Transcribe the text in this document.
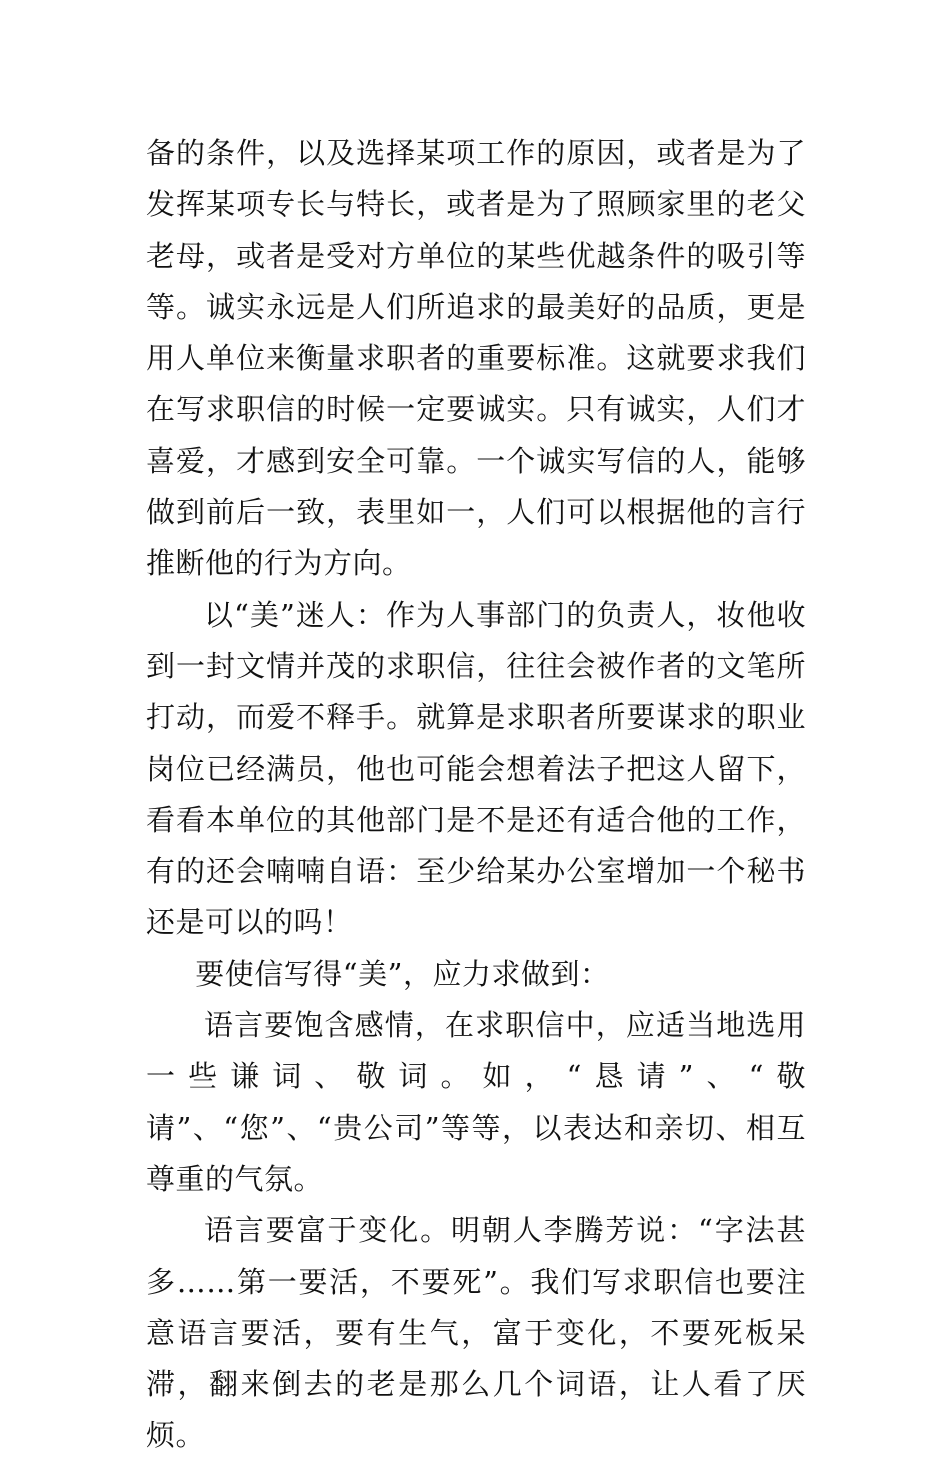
备的条件，以及选择某项工作的原因，或者是为了发挥某项专长与特长，或者是为了照顾家里的老父老母，或者是受对方单位的某些优越条件的吸引等等。诚实永远是人们所追求的最美好的品质，更是用人单位来衡量求职者的重要标准。这就要求我们在写求职信的时候一定要诚实。只有诚实，人们才喜爱，才感到安全可靠。一个诚实写信的人，能够做到前后一致，表里如一，人们可以根据他的言行推断他的行为方向。

以“美”迷人：作为人事部门的负责人，妆他收到一封文情并茂的求职信，往往会被作者的文笔所打动，而爱不释手。就算是求职者所要谋求的职业岗位已经满员，他也可能会想着法子把这人留下，看看本单位的其他部门是不是还有适合他的工作，有的还会喃喃自语：至少给某办公室增加一个秘书还是可以的吗！

要使信写得“美”，应力求做到：

语言要饱含感情，在求职信中，应适当地选用一些谦词、敬词。如，“恳请”、“敬请”、“您”、“贵公司”等等，以表达和亲切、相互尊重的气氛。

语言要富于变化。明朝人李腾芳说：“字法甚多……第一要活，不要死”。我们写求职信也要注意语言要活，要有生气，富于变化，不要死板呆滞，翻来倒去的老是那么几个词语，让人看了厌烦。
